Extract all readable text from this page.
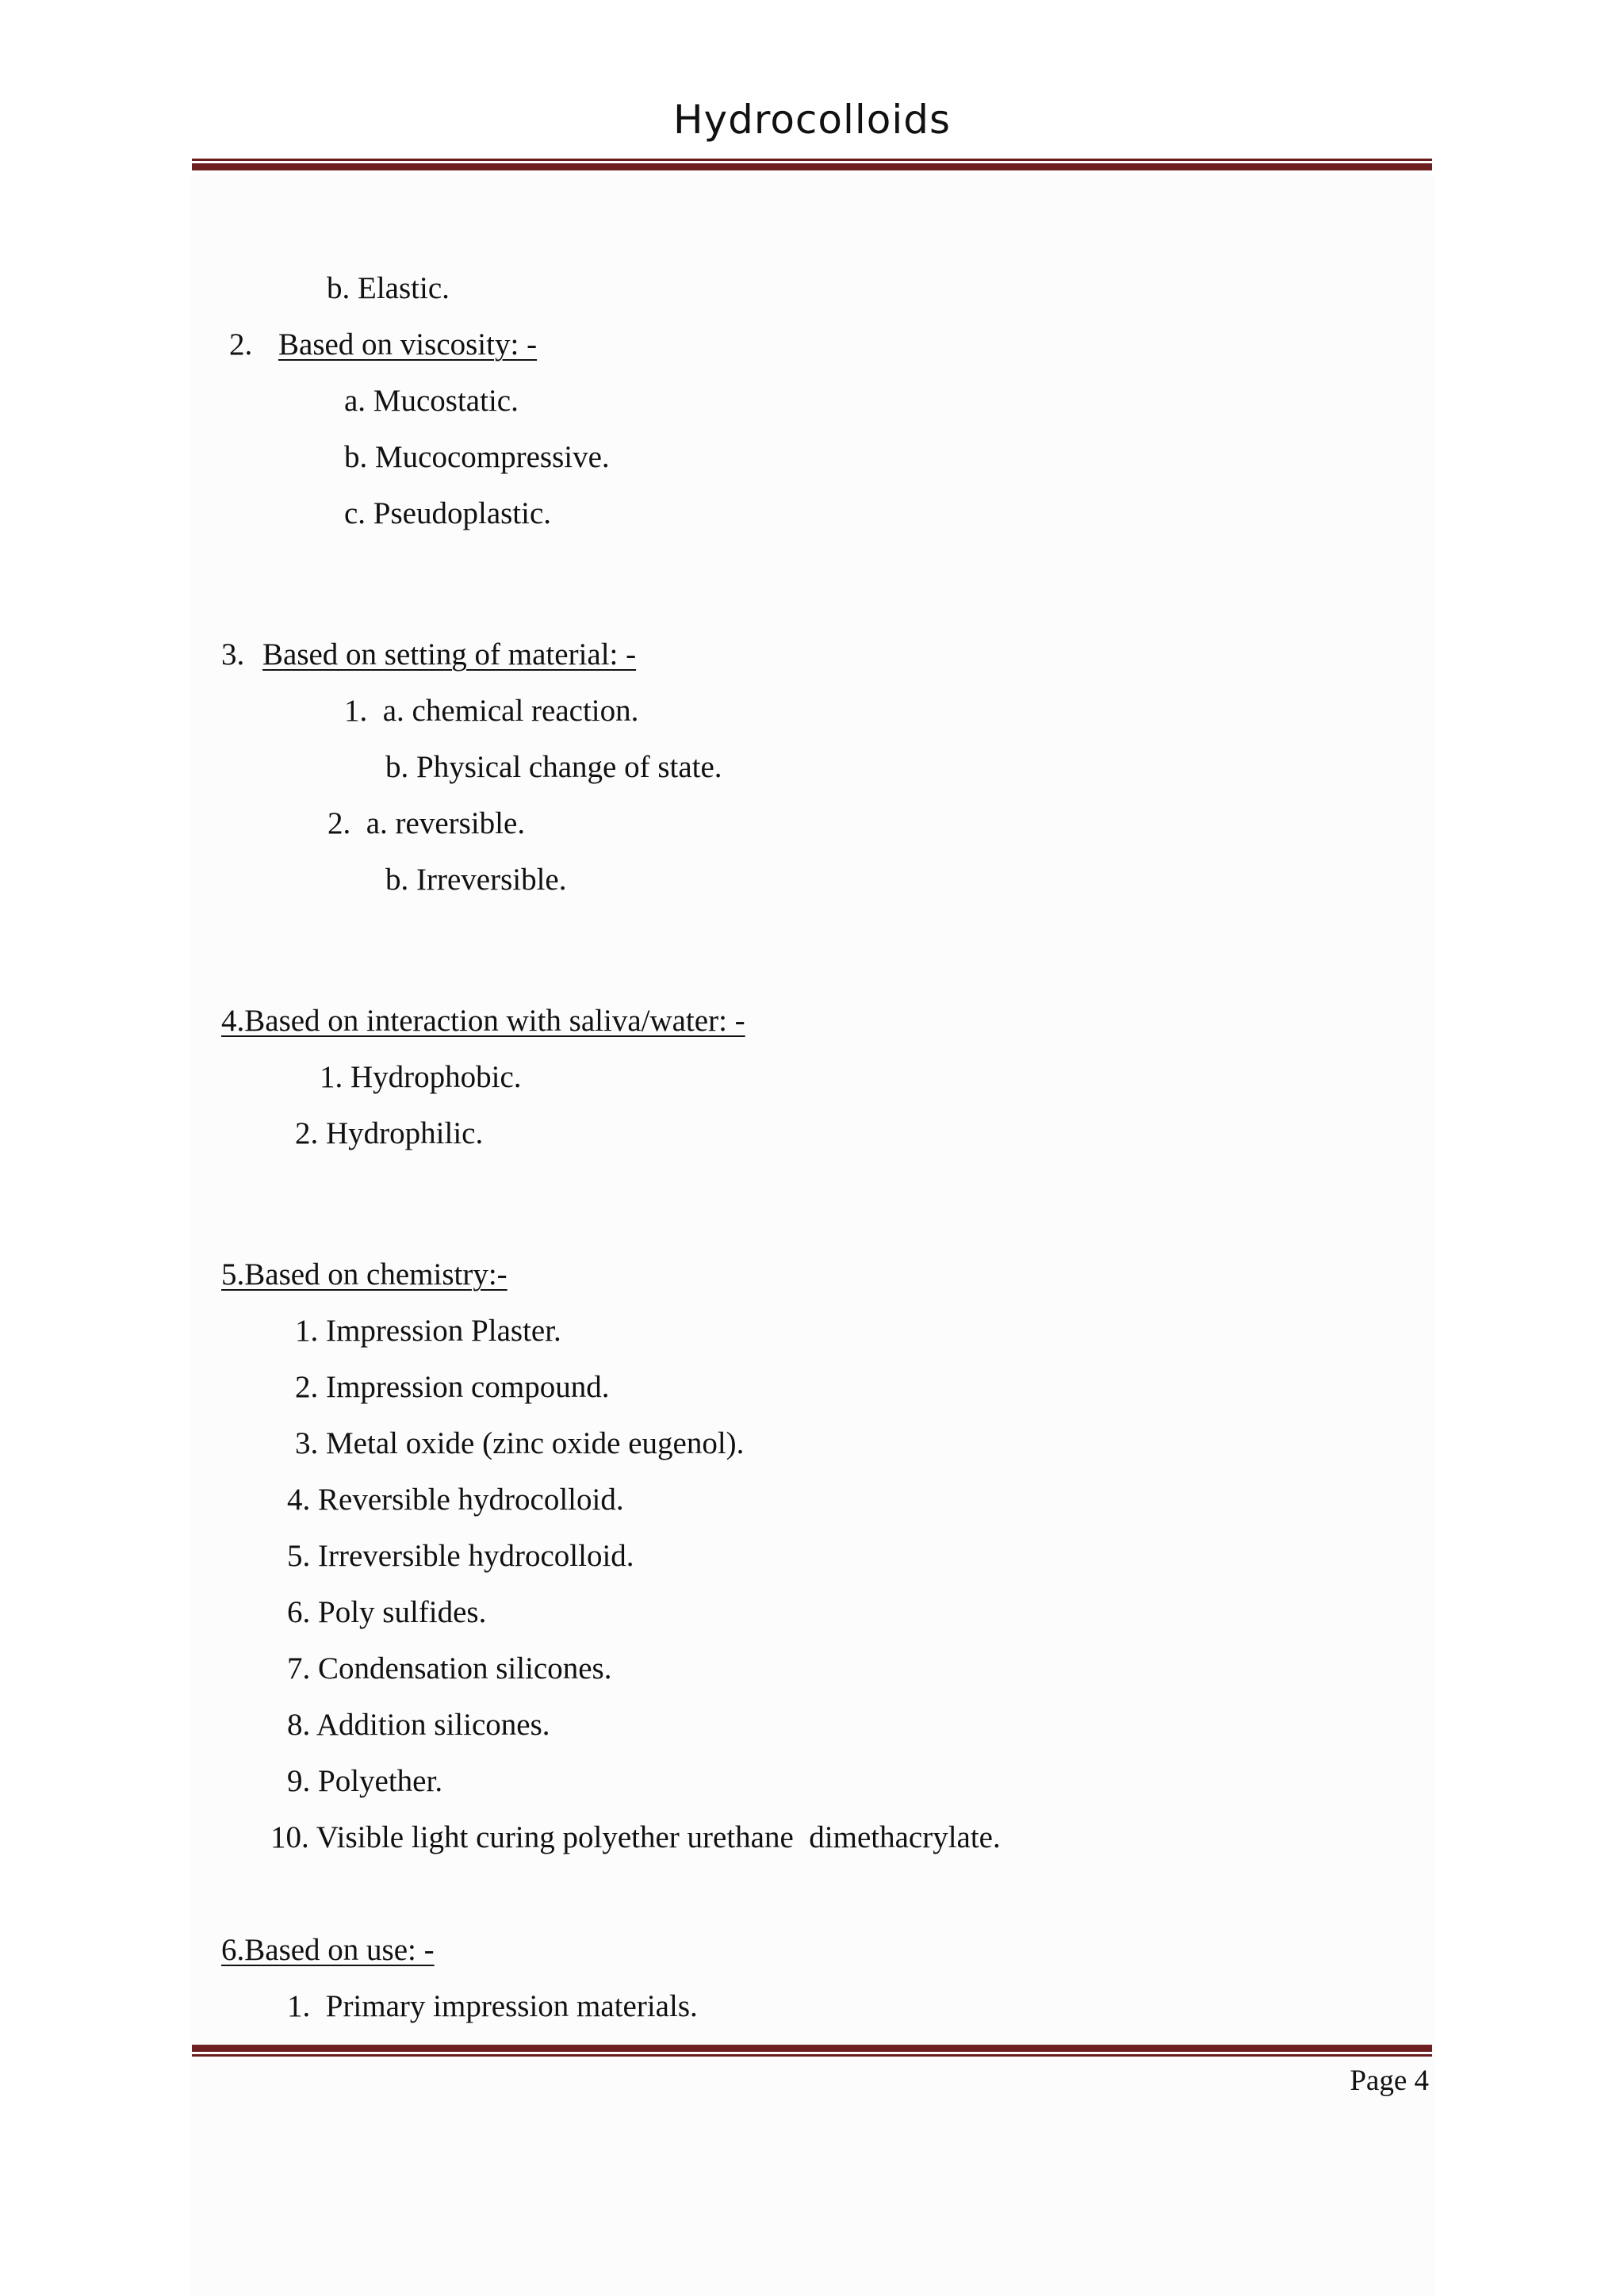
Hydrocolloids
b. Elastic.
2. Based on viscosity: -
a. Mucostatic.
b. Mucocompressive.
c. Pseudoplastic.
3. Based on setting of material: -
1.  a. chemical reaction.
b. Physical change of state.
2.  a. reversible.
b. Irreversible.
4.Based on interaction with saliva/water: -
1. Hydrophobic.
2. Hydrophilic.
5.Based on chemistry:-
1. Impression Plaster.
2. Impression compound.
3. Metal oxide (zinc oxide eugenol).
4. Reversible hydrocolloid.
5. Irreversible hydrocolloid.
6. Poly sulfides.
7. Condensation silicones.
8. Addition silicones.
9. Polyether.
10. Visible light curing polyether urethane  dimethacrylate.
6.Based on use: -
1.  Primary impression materials.
Page 4
